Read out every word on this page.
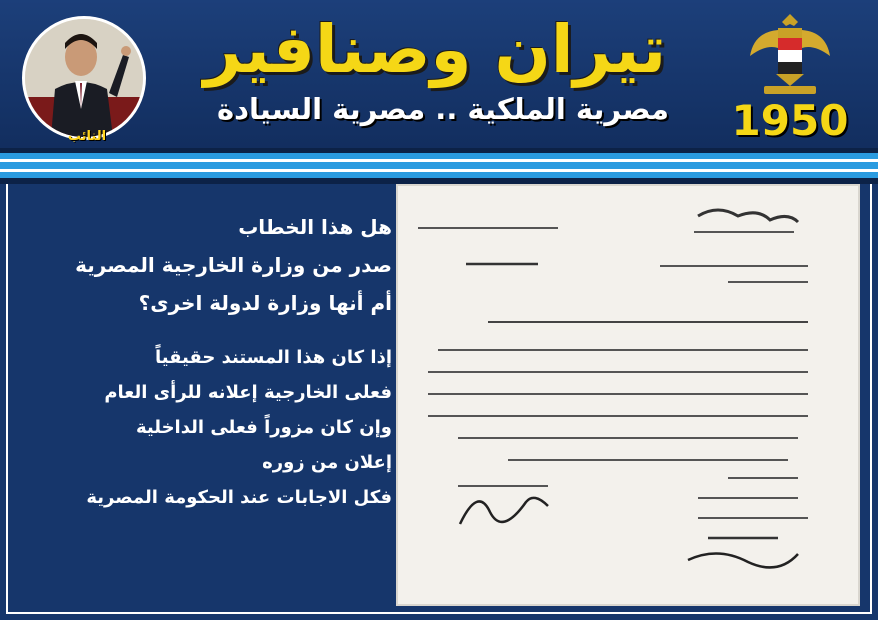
النائب
تيران وصنافير
مصرية الملكية .. مصرية السيادة	1950

هل هذا الخطاب

صدر من وزارة الخارجية المصرية

أم أنها وزارة لدولة اخرى؟

إذا كان هذا المستند حقيقياً

فعلى الخارجية إعلانه للرأى العام

وإن كان مزوراً فعلى الداخلية

إعلان من زوره

فكل الاجابات عند الحكومة المصرية
